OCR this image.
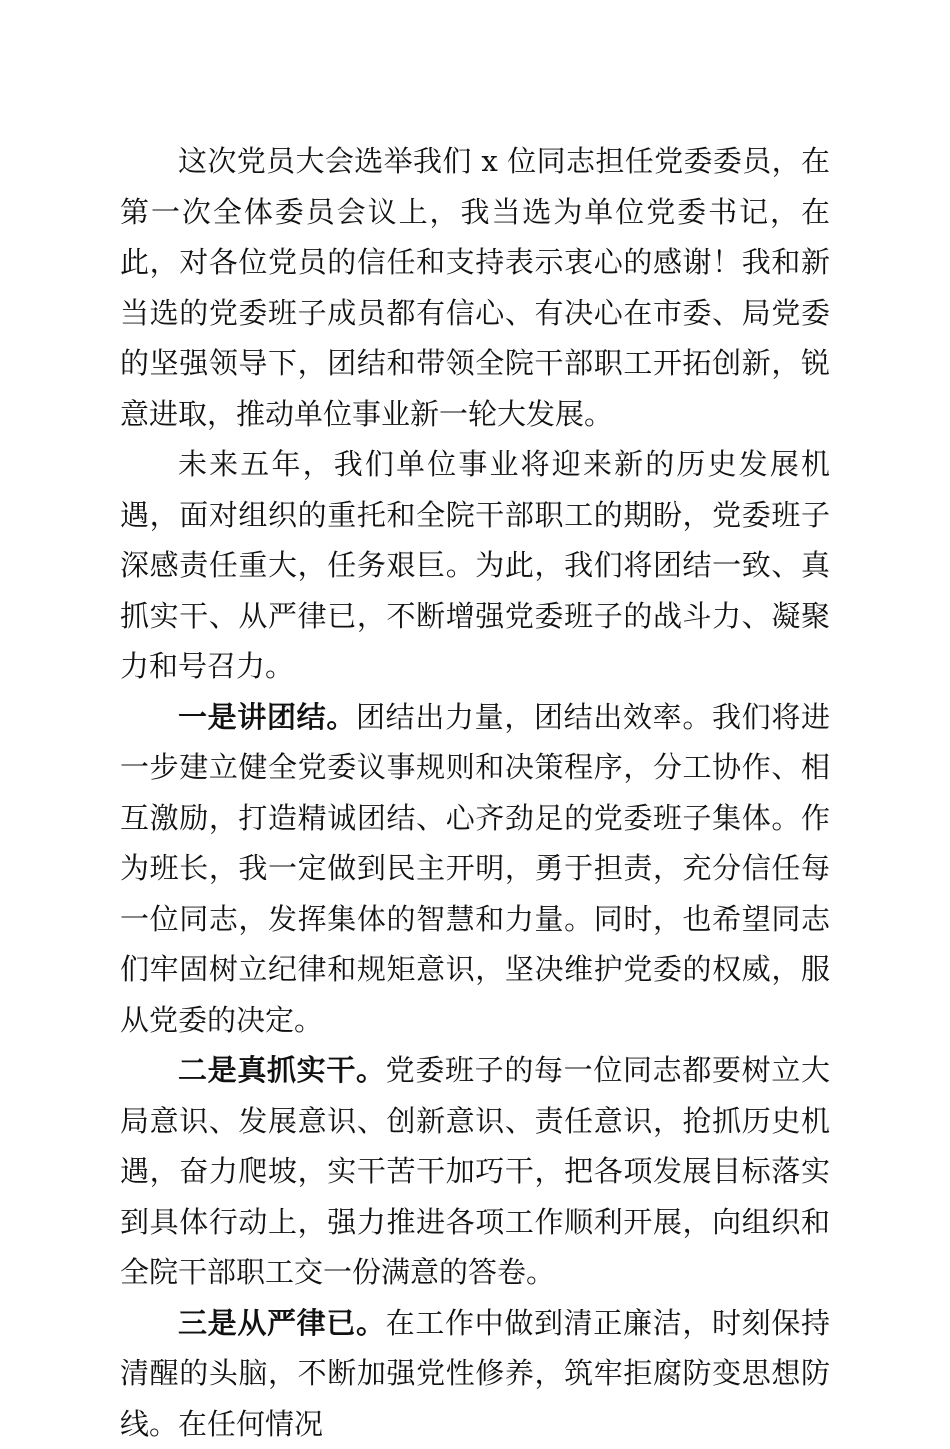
这次党员大会选举我们 x 位同志担任党委委员，在第一次全体委员会议上，我当选为单位党委书记，在此，对各位党员的信任和支持表示衷心的感谢！我和新当选的党委班子成员都有信心、有决心在市委、局党委的坚强领导下，团结和带领全院干部职工开拓创新，锐意进取，推动单位事业新一轮大发展。

未来五年，我们单位事业将迎来新的历史发展机遇，面对组织的重托和全院干部职工的期盼，党委班子深感责任重大，任务艰巨。为此，我们将团结一致、真抓实干、从严律已，不断增强党委班子的战斗力、凝聚力和号召力。

一是讲团结。团结出力量，团结出效率。我们将进一步建立健全党委议事规则和决策程序，分工协作、相互激励，打造精诚团结、心齐劲足的党委班子集体。作为班长，我一定做到民主开明，勇于担责，充分信任每一位同志，发挥集体的智慧和力量。同时，也希望同志们牢固树立纪律和规矩意识，坚决维护党委的权威，服从党委的决定。

二是真抓实干。党委班子的每一位同志都要树立大局意识、发展意识、创新意识、责任意识，抢抓历史机遇，奋力爬坡，实干苦干加巧干，把各项发展目标落实到具体行动上，强力推进各项工作顺利开展，向组织和全院干部职工交一份满意的答卷。

三是从严律已。在工作中做到清正廉洁，时刻保持清醒的头脑，不断加强党性修养，筑牢拒腐防变思想防线。在任何情况
